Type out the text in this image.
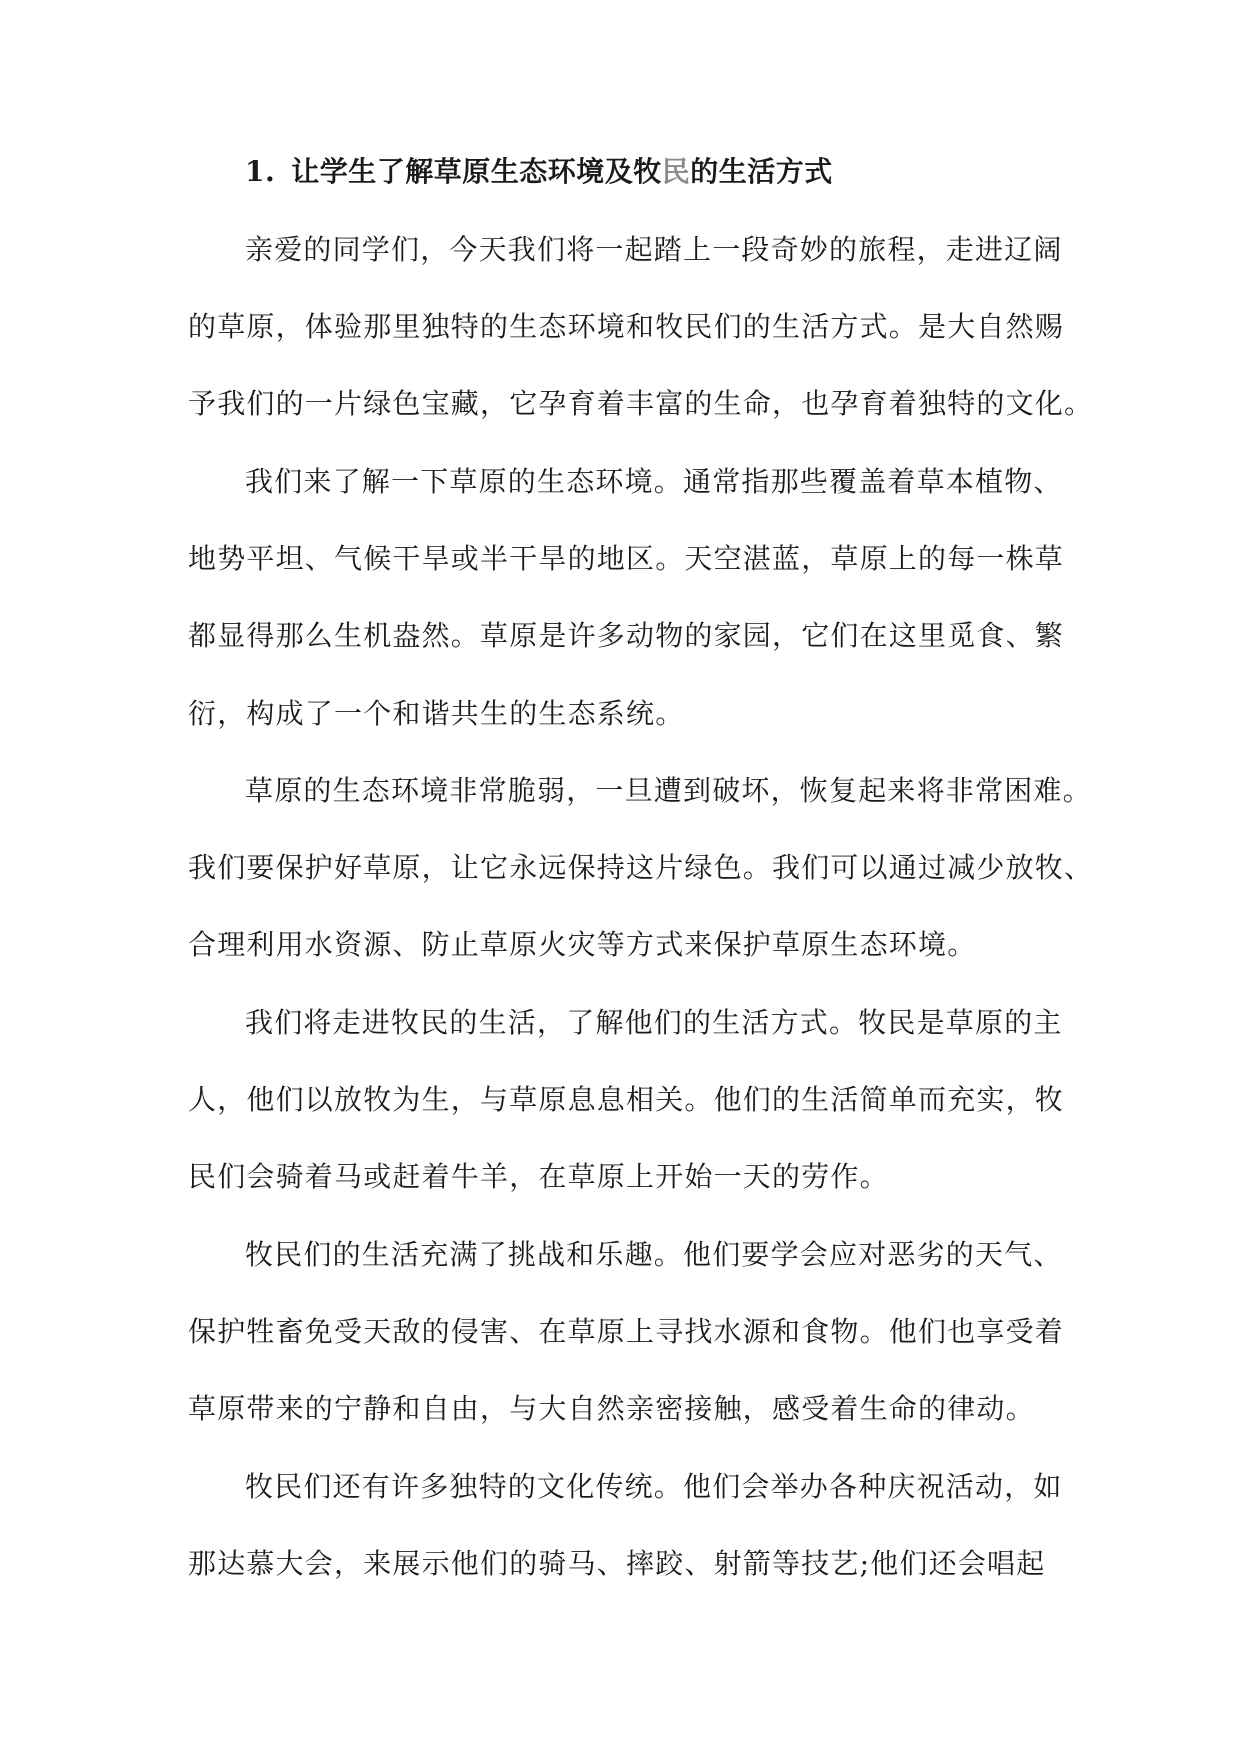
1. 让学生了解草原生态环境及牧民的生活方式
亲爱的同学们，今天我们将一起踏上一段奇妙的旅程，走进辽阔
的草原，体验那里独特的生态环境和牧民们的生活方式。是大自然赐
予我们的一片绿色宝藏，它孕育着丰富的生命，也孕育着独特的文化。
我们来了解一下草原的生态环境。通常指那些覆盖着草本植物、
地势平坦、气候干旱或半干旱的地区。天空湛蓝，草原上的每一株草
都显得那么生机盎然。草原是许多动物的家园，它们在这里觅食、繁
衍，构成了一个和谐共生的生态系统。
草原的生态环境非常脆弱，一旦遭到破坏，恢复起来将非常困难。
我们要保护好草原，让它永远保持这片绿色。我们可以通过减少放牧、
合理利用水资源、防止草原火灾等方式来保护草原生态环境。
我们将走进牧民的生活，了解他们的生活方式。牧民是草原的主
人，他们以放牧为生，与草原息息相关。他们的生活简单而充实，牧
民们会骑着马或赶着牛羊，在草原上开始一天的劳作。
牧民们的生活充满了挑战和乐趣。他们要学会应对恶劣的天气、
保护牲畜免受天敌的侵害、在草原上寻找水源和食物。他们也享受着
草原带来的宁静和自由，与大自然亲密接触，感受着生命的律动。
牧民们还有许多独特的文化传统。他们会举办各种庆祝活动，如
那达慕大会，来展示他们的骑马、摔跤、射箭等技艺;他们还会唱起
